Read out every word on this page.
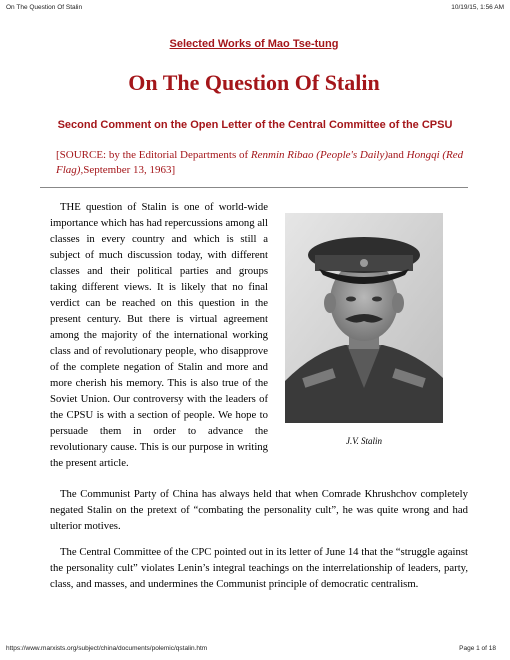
On The Question Of Stalin	10/19/15, 1:56 AM
Selected Works of Mao Tse-tung
On The Question Of Stalin
Second Comment on the Open Letter of the Central Committee of the CPSU
[SOURCE: by the Editorial Departments of Renmin Ribao (People's Daily)and Hongqi (Red Flag),September 13, 1963]
THE question of Stalin is one of world-wide importance which has had repercussions among all classes in every country and which is still a subject of much discussion today, with different classes and their political parties and groups taking different views. It is likely that no final verdict can be reached on this question in the present century. But there is virtual agreement among the majority of the international working class and of revolutionary people, who disapprove of the complete negation of Stalin and more and more cherish his memory. This is also true of the Soviet Union. Our controversy with the leaders of the CPSU is with a section of people. We hope to persuade them in order to advance the revolutionary cause. This is our purpose in writing the present article.
J.V. Stalin
The Communist Party of China has always held that when Comrade Khrushchov completely negated Stalin on the pretext of “combating the personality cult”, he was quite wrong and had ulterior motives.
The Central Committee of the CPC pointed out in its letter of June 14 that the “struggle against the personality cult” violates Lenin’s integral teachings on the interrelationship of leaders, party, class, and masses, and undermines the Communist principle of democratic centralism.
https://www.marxists.org/subject/china/documents/polemic/qstalin.htm	Page 1 of 18
